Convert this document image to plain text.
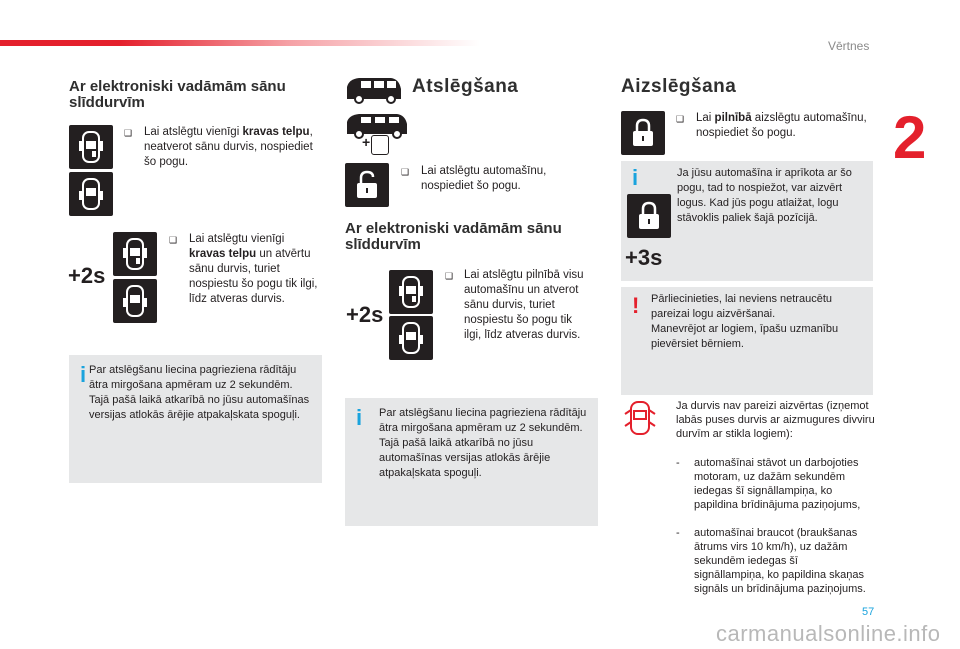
Vērtnes
2
Ar elektroniski vadāmām sānu slīddurvīm
❑ Lai atslēgtu vienīgi kravas telpu, neatverot sānu durvis, nospiediet šo pogu.
+2s
❑ Lai atslēgtu vienīgi kravas telpu un atvērtu sānu durvis, turiet nospiestu šo pogu tik ilgi, līdz atveras durvis.
i Par atslēgšanu liecina pagrieziena rādītāju ātra mirgošana apmēram uz 2 sekundēm.
Tajā pašā laikā atkarībā no jūsu automašīnas versijas atlokās ārējie atpakaļskata spoguļi.
Atslēgšana
+
❑ Lai atslēgtu automašīnu, nospiediet šo pogu.
Ar elektroniski vadāmām sānu slīddurvīm
+2s
❑ Lai atslēgtu pilnībā visu automašīnu un atverot sānu durvis, turiet nospiestu šo pogu tik ilgi, līdz atveras durvis.
i Par atslēgšanu liecina pagrieziena rādītāju ātra mirgošana apmēram uz 2 sekundēm.
Tajā pašā laikā atkarībā no jūsu automašīnas versijas atlokās ārējie atpakaļskata spoguļi.
Aizslēgšana
❑ Lai pilnībā aizslēgtu automašīnu, nospiediet šo pogu.
i
+3s
Ja jūsu automašīna ir aprīkota ar šo pogu, tad to nospiežot, var aizvērt logus. Kad jūs pogu atlaižat, logu stāvoklis paliek šajā pozīcijā.
! Pārliecinieties, lai neviens netraucētu pareizai logu aizvēršanai.
Manevrējot ar logiem, īpašu uzmanību pievērsiet bērniem.
Ja durvis nav pareizi aizvērtas (izņemot labās puses durvis ar aizmugures divviru durvīm ar stikla logiem):
- automašīnai stāvot un darbojoties motoram, uz dažām sekundēm iedegas šī signāllampiņa, ko papildina brīdinājuma paziņojums,
- automašīnai braucot (braukšanas ātrums virs 10 km/h), uz dažām sekundēm iedegas šī signāllampiņa, ko papildina skaņas signāls un brīdinājuma paziņojums.
57
carmanualsonline.info
